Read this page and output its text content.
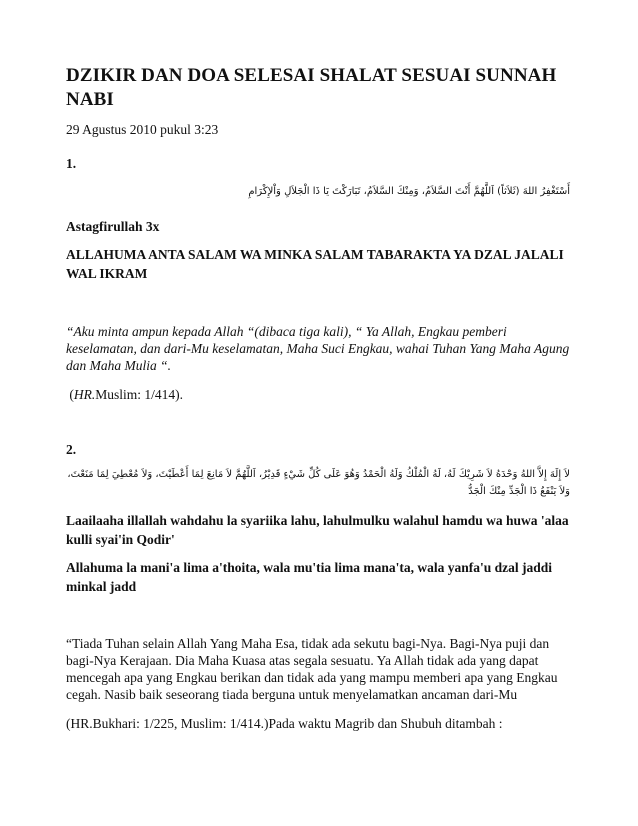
DZIKIR DAN DOA SELESAI SHALAT SESUAI SUNNAH NABI

29 Agustus 2010 pukul 3:23

1.

أَسْتَغْفِرُ اللهَ (ثَلاَثاً) اَللَّهُمَّ أَنْتَ السَّلاَمُ، وَمِنْكَ السَّلاَمُ، تَبَارَكْتَ يَا ذَا الْجَلاَلِ وَاْلإِكْرَامِ

Astagfirullah 3x

ALLAHUMA ANTA SALAM WA MINKA SALAM TABARAKTA YA DZAL JALALI WAL IKRAM

“Aku minta ampun kepada Allah “(dibaca tiga kali), “ Ya Allah, Engkau pemberi keselamatan, dan dari-Mu keselamatan, Maha Suci Engkau, wahai Tuhan Yang Maha Agung dan Maha Mulia “.

(HR.Muslim: 1/414).

2.

لاَ إِلَهَ إِلاَّ اللهُ وَحْدَهُ لاَ شَرِيْكَ لَهُ، لَهُ الْمُلْكُ وَلَهُ الْحَمْدُ وَهُوَ عَلَى كُلِّ شَيْءٍ قَدِيْرُ، اَللَّهُمَّ لاَ مَانِعَ لِمَا أَعْطَيْتَ، وَلاَ مُعْطِيَ لِمَا مَنَعْتَ،

وَلاَ يَنْفَعُ ذَا الْجَدِّ مِنْكَ الْجَدُّ

Laailaaha illallah wahdahu la syariika lahu, lahulmulku walahul hamdu wa huwa 'alaa kulli syai'in Qodir'

Allahuma la mani'a lima a'thoita, wala mu'tia lima mana'ta, wala yanfa'u dzal jaddi minkal jadd

“Tiada Tuhan selain Allah Yang Maha Esa, tidak ada sekutu bagi-Nya. Bagi-Nya puji dan bagi-Nya Kerajaan. Dia Maha Kuasa atas segala sesuatu. Ya Allah tidak ada yang dapat mencegah apa yang Engkau berikan dan tidak ada yang mampu memberi apa yang Engkau cegah. Nasib baik seseorang tiada berguna untuk menyelamatkan ancaman dari-Mu

(HR.Bukhari: 1/225, Muslim: 1/414.)Pada waktu Magrib dan Shubuh ditambah :
